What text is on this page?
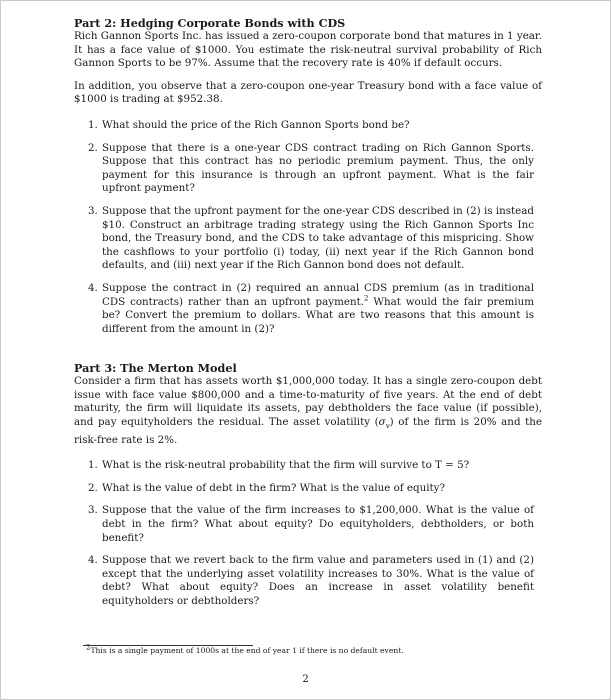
Part 2: Hedging Corporate Bonds with CDS

Rich Gannon Sports Inc. has issued a zero-coupon corporate bond that matures in 1 year. It has a face value of $1000. You estimate the risk-neutral survival probability of Rich Gannon Sports to be 97%. Assume that the recovery rate is 40% if default occurs.

In addition, you observe that a zero-coupon one-year Treasury bond with a face value of $1000 is trading at $952.38.

1. What should the price of the Rich Gannon Sports bond be?
2. Suppose that there is a one-year CDS contract trading on Rich Gannon Sports. Suppose that this contract has no periodic premium payment. Thus, the only payment for this insurance is through an upfront payment. What is the fair upfront payment?
3. Suppose that the upfront payment for the one-year CDS described in (2) is instead $10. Construct an arbitrage trading strategy using the Rich Gannon Sports Inc bond, the Treasury bond, and the CDS to take advantage of this mispricing. Show the cashflows to your portfolio (i) today, (ii) next year if the Rich Gannon bond defaults, and (iii) next year if the Rich Gannon bond does not default.
4. Suppose the contract in (2) required an annual CDS premium (as in traditional CDS contracts) rather than an upfront payment.$^2$ What would the fair premium be? Convert the premium to dollars. What are two reasons that this amount is different from the amount in (2)?
Part 3: The Merton Model

Consider a firm that has assets worth $1,000,000 today. It has a single zero-coupon debt issue with face value $800,000 and a time-to-maturity of five years. At the end of debt maturity, the firm will liquidate its assets, pay debtholders the face value (if possible), and pay equityholders the residual. The asset volatility $(\sigma_v)$ of the firm is 20% and the risk-free rate is 2%.

1. What is the risk-neutral probability that the firm will survive to T = 5?
2. What is the value of debt in the firm? What is the value of equity?
3. Suppose that the value of the firm increases to $1,200,000. What is the value of debt in the firm? What about equity? Do equityholders, debtholders, or both benefit?
4. Suppose that we revert back to the firm value and parameters used in (1) and (2) except that the underlying asset volatility increases to 30%. What is the value of debt? What about equity? Does an increase in asset volatility benefit equityholders or debtholders?
$^2$This is a single payment of 1000s at the end of year 1 if there is no default event.
2
